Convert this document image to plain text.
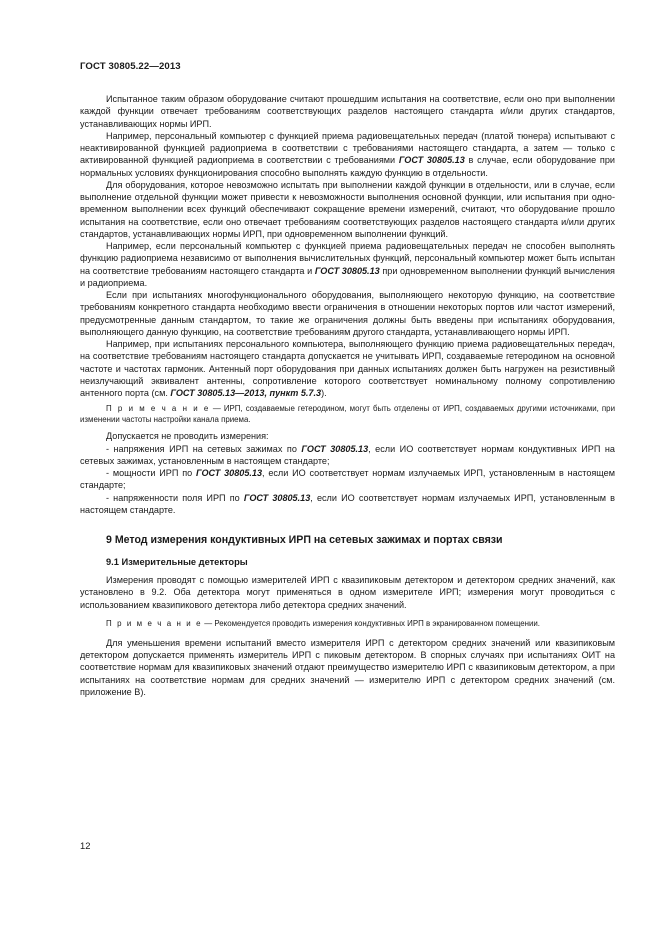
ГОСТ 30805.22—2013

Испытанное таким образом оборудование считают прошедшим испытания на соответствие, если оно при выполнении каждой функции отвечает требованиям соответствующих разделов настоящего стандарта и/или других стандартов, устанавливающих нормы ИРП.

Например, персональный компьютер с функцией приема радиовещательных передач (платой тюнера) испытывают с неактивированной функцией радиоприема в соответствии с требованиями настоящего стандарта, а затем — только с активированной функцией радиоприема в соответствии с требованиями ГОСТ 30805.13 в случае, если оборудование при нормальных условиях функционирования способно выполнять каждую функцию в отдельности.

Для оборудования, которое невозможно испытать при выполнении каждой функции в отдельности, или в случае, если выполнение отдельной функции может привести к невозможности выполнения основной функции, или испытания при одно-временном выполнении всех функций обеспечивают сокращение времени измерений, считают, что оборудование прошло испытания на соответствие, если оно отвечает требованиям соответствующих разделов настоящего стандарта и/или других стандартов, устанавливающих нормы ИРП, при одновременном выполнении функций.

Например, если персональный компьютер с функцией приема радиовещательных передач не способен выполнять функцию радиоприема независимо от выполнения вычислительных функций, персональный компьютер может быть испытан на соответствие требованиям настоящего стандарта и ГОСТ 30805.13 при одновременном выполнении функций вычисления и радиоприема.

Если при испытаниях многофункционального оборудования, выполняющего некоторую функцию, на соответствие требованиям конкретного стандарта необходимо ввести ограничения в отношении некоторых портов или частот измерений, предусмотренные данным стандартом, то такие же ограничения должны быть введены при испытаниях оборудования, выполняющего данную функцию, на соответствие требованиям другого стандарта, устанавливающего нормы ИРП.

Например, при испытаниях персонального компьютера, выполняющего функцию приема радиовещательных передач, на соответствие требованиям настоящего стандарта допускается не учитывать ИРП, создаваемые гетеродином на основной частоте и частотах гармоник. Антенный порт оборудования при данных испытаниях должен быть нагружен на резистивный неизлучающий эквивалент антенны, сопротивление которого соответствует номинальному полному сопротивлению антенного порта (см. ГОСТ 30805.13—2013, пункт 5.7.3).

П р и м е ч а н и е — ИРП, создаваемые гетеродином, могут быть отделены от ИРП, создаваемых другими источниками, при изменении частоты настройки канала приема.

Допускается не проводить измерения:

- напряжения ИРП на сетевых зажимах по ГОСТ 30805.13, если ИО соответствует нормам кондуктивных ИРП на сетевых зажимах, установленным в настоящем стандарте;

- мощности ИРП по ГОСТ 30805.13, если ИО соответствует нормам излучаемых ИРП, установленным в настоящем стандарте;

- напряженности поля ИРП по ГОСТ 30805.13, если ИО соответствует нормам излучаемых ИРП, установленным в настоящем стандарте.

9 Метод измерения кондуктивных ИРП на сетевых зажимах и портах связи
9.1 Измерительные детекторы

Измерения проводят с помощью измерителей ИРП с квазипиковым детектором и детектором средних значений, как установлено в 9.2. Оба детектора могут применяться в одном измерителе ИРП; измерения могут проводиться с использованием квазипикового детектора либо детектора средних значений.

П р и м е ч а н и е — Рекомендуется проводить измерения кондуктивных ИРП в экранированном помещении.

Для уменьшения времени испытаний вместо измерителя ИРП с детектором средних значений или квазипиковым детектором допускается применять измеритель ИРП с пиковым детектором. В спорных случаях при испытаниях ОИТ на соответствие нормам для квазипиковых значений отдают преимущество измерителю ИРП с квазипиковым детектором, а при испытаниях на соответствие нормам для средних значений — измерителю ИРП с детектором средних значений (см. приложение В).

12
